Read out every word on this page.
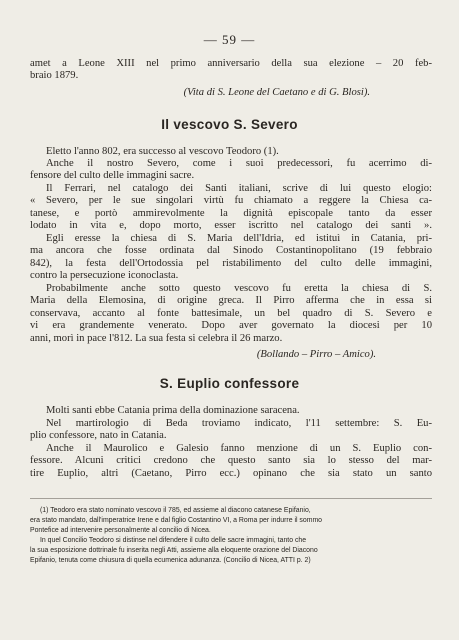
— 59 —
amet a Leone XIII nel primo anniversario della sua elezione – 20 feb-
braio 1879.
(Vita di S. Leone del Caetano e di G. Blosi).
Il vescovo S. Severo
Eletto l'anno 802, era successo al vescovo Teodoro (1).
Anche il nostro Severo, come i suoi predecessori, fu acerrimo di-
fensore del culto delle immagini sacre.
Il Ferrari, nel catalogo dei Santi italiani, scrive di lui questo elogio:
« Severo, per le sue singolari virtù fu chiamato a reggere la Chiesa ca-
tanese, e portò ammirevolmente la dignità episcopale tanto da esser
lodato in vita e, dopo morto, esser iscritto nel catalogo dei santi ».
Egli eresse la chiesa di S. Maria dell'Idria, ed istituì in Catania, pri-
ma ancora che fosse ordinata dal Sinodo Costantinopolitano (19 febbraio
842), la festa dell'Ortodossia pel ristabilimento del culto delle immagini,
contro la persecuzione iconoclasta.
Probabilmente anche sotto questo vescovo fu eretta la chiesa di S.
Maria della Elemosina, di origine greca. Il Pirro afferma che in essa si
conservava, accanto al fonte battesimale, un bel quadro di S. Severo e
vi era grandemente venerato. Dopo aver governato la diocesi per 10
anni, morì in pace l'812. La sua festa si celebra il 26 marzo.
(Bollando – Pirro – Amico).
S. Euplio confessore
Molti santi ebbe Catania prima della dominazione saracena.
Nel martirologio di Beda troviamo indicato, l'11 settembre: S. Eu-
plio confessore, nato in Catania.
Anche il Maurolico e Galesio fanno menzione di un S. Euplio con-
fessore. Alcuni critici credono che questo santo sia lo stesso del mar-
tire Euplio, altri (Caetano, Pirro ecc.) opinano che sia stato un santo
(1) Teodoro era stato nominato vescovo il 785, ed assieme al diacono catanese Epifanio,
era stato mandato, dall'imperatrice Irene e dal figlio Costantino VI, a Roma per indurre il sommo
Pontefice ad intervenire personalmente al concilio di Nicea.
In quel Concilio Teodoro si distinse nel difendere il culto delle sacre immagini, tanto che
la sua esposizione dottrinale fu inserita negli Atti, assieme alla eloquente orazione del Diacono
Epifanio, tenuta come chiusura di quella ecumenica adunanza. (Concilio di Nicea, ATTI p. 2)
